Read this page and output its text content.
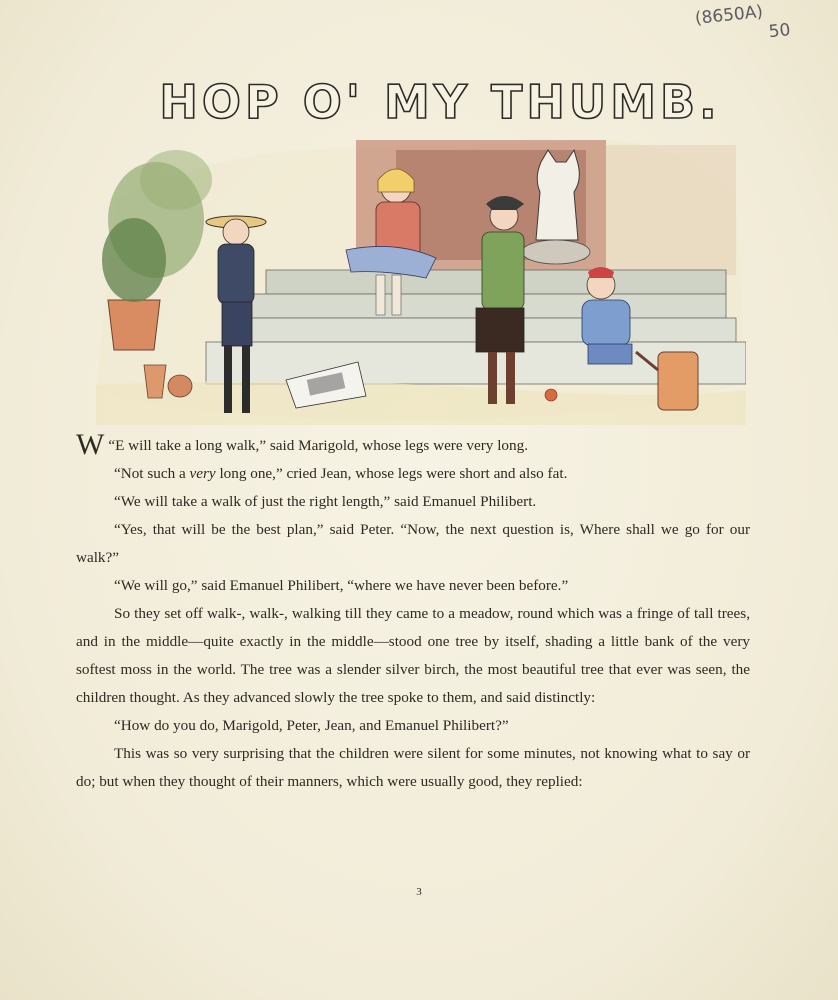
(8650A)
50
HOP O' MY THUMB.

“
W E will take a long walk,” said Marigold, whose legs were very long.

“Not such a very long one,” cried Jean, whose legs were short and also fat.

“We will take a walk of just the right length,” said Emanuel Philibert.

“Yes, that will be the best plan,” said Peter. “Now, the next question is, Where shall we go for our walk?”

“We will go,” said Emanuel Philibert, “where we have never been before.”

So they set off walk-, walk-, walking till they came to a meadow, round which was a fringe of tall trees, and in the middle—quite exactly in the middle—stood one tree by itself, shading a little bank of the very softest moss in the world. The tree was a slender silver birch, the most beautiful tree that ever was seen, the children thought. As they advanced slowly the tree spoke to them, and said distinctly:

“How do you do, Marigold, Peter, Jean, and Emanuel Philibert?”

This was so very surprising that the children were silent for some minutes, not knowing what to say or do; but when they thought of their manners, which were usually good, they replied:

3
